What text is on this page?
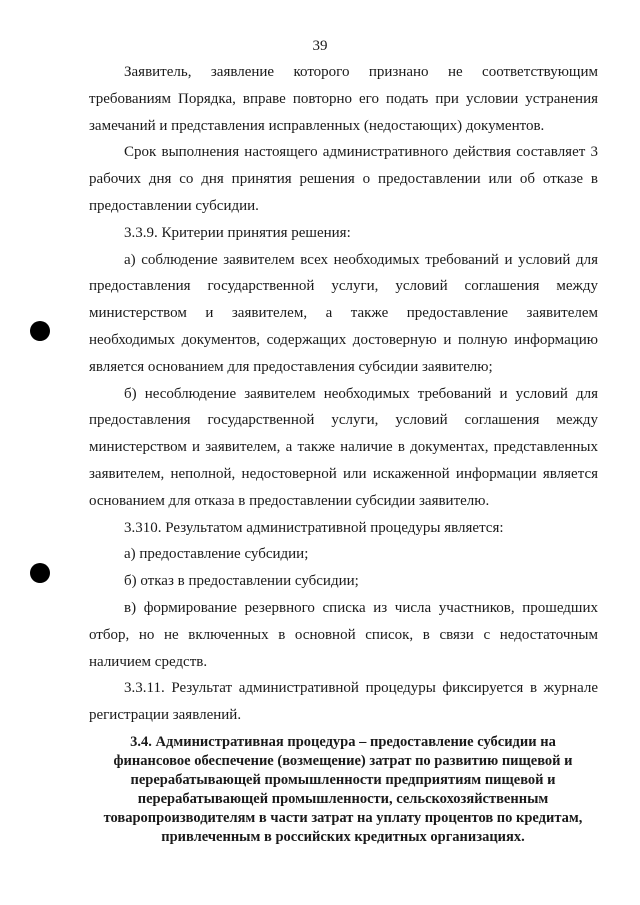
39
Заявитель, заявление которого признано не соответствующим
требованиям Порядка, вправе повторно его подать при условии устранения
замечаний и представления исправленных (недостающих) документов.
Срок выполнения настоящего административного действия составляет 3
рабочих дня со дня принятия решения о предоставлении или об отказе в
предоставлении субсидии.
3.3.9. Критерии принятия решения:
а) соблюдение заявителем всех необходимых требований и условий для
предоставления государственной услуги, условий соглашения между
министерством и заявителем, а также предоставление заявителем
необходимых документов, содержащих достоверную и полную информацию
является основанием для предоставления субсидии заявителю;
б) несоблюдение заявителем необходимых требований и условий для
предоставления государственной услуги, условий соглашения между
министерством и заявителем, а также наличие в документах, представленных
заявителем, неполной, недостоверной или искаженной информации является
основанием для отказа в предоставлении субсидии заявителю.
3.310. Результатом административной процедуры является:
а) предоставление субсидии;
б) отказ в предоставлении субсидии;
в) формирование резервного списка из числа участников, прошедших
отбор, но не включенных в основной список, в связи с недостаточным
наличием средств.
3.3.11. Результат административной процедуры фиксируется в журнале
регистрации заявлений.
3.4. Административная процедура – предоставление субсидии на
финансовое обеспечение (возмещение) затрат по развитию пищевой и
перерабатывающей промышленности предприятиям пищевой и
перерабатывающей промышленности, сельскохозяйственным
товаропроизводителям в части затрат на уплату процентов по кредитам,
привлеченным в российских кредитных организациях.
